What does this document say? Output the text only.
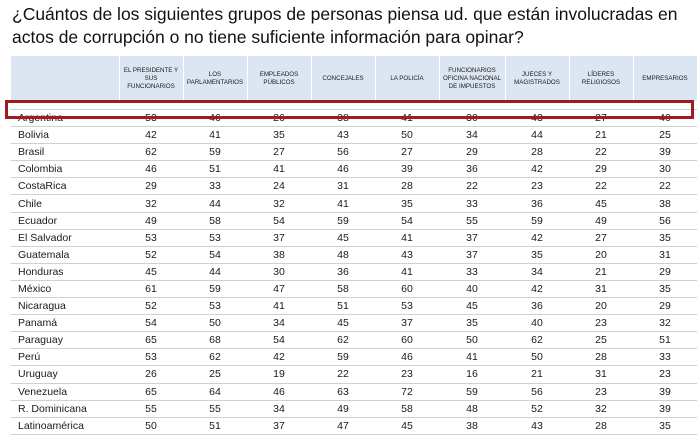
¿Cuántos de los siguientes grupos de personas piensa ud. que están involucradas en actos de corrupción o no tiene suficiente información para opinar?
	EL PRESIDENTE Y SUS FUNCIONARIOS	LOS PARLAMENTARIOS	EMPLEADOS PÚBLICOS	CONCEJALES	LA POLICÍA	FUNCIONARIOS OFICINA NACIONAL DE IMPUESTOS	JUECES Y MAGISTRADOS	LÍDERES RELIGIOSOS	EMPRESARIOS

Argentina	53	46	26	38	41	30	43	27	40
Bolivia	42	41	35	43	50	34	44	21	25
Brasil	62	59	27	56	27	29	28	22	39
Colombia	46	51	41	46	39	36	42	29	30
CostaRica	29	33	24	31	28	22	23	22	22
Chile	32	44	32	41	35	33	36	45	38
Ecuador	49	58	54	59	54	55	59	49	56
El Salvador	53	53	37	45	41	37	42	27	35
Guatemala	52	54	38	48	43	37	35	20	31
Honduras	45	44	30	36	41	33	34	21	29
México	61	59	47	58	60	40	42	31	35
Nicaragua	52	53	41	51	53	45	36	20	29
Panamá	54	50	34	45	37	35	40	23	32
Paraguay	65	68	54	62	60	50	62	25	51
Perú	53	62	42	59	46	41	50	28	33
Uruguay	26	25	19	22	23	16	21	31	23
Venezuela	65	64	46	63	72	59	56	23	39
R. Dominicana	55	55	34	49	58	48	52	32	39
Latinoamérica	50	51	37	47	45	38	43	28	35
